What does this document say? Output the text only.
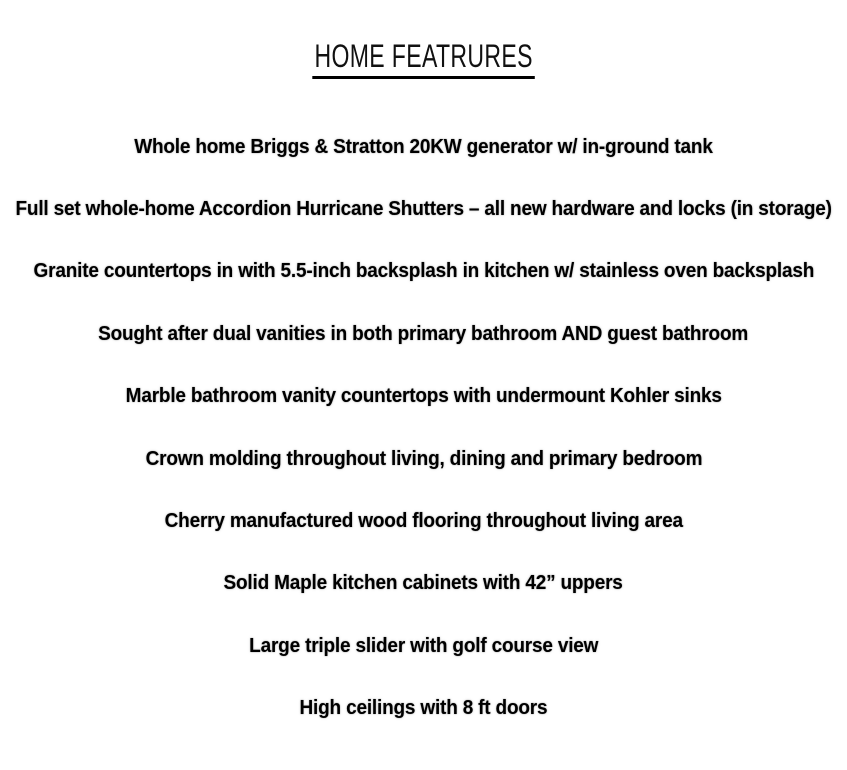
HOME FEATRURES
Whole home Briggs & Stratton 20KW generator w/ in-ground tank
Full set whole-home Accordion Hurricane Shutters – all new hardware and locks (in storage)
Granite countertops in with 5.5-inch backsplash in kitchen w/ stainless oven backsplash
Sought after dual vanities in both primary bathroom AND guest bathroom
Marble bathroom vanity countertops with undermount Kohler sinks
Crown molding throughout living, dining and primary bedroom
Cherry manufactured wood flooring throughout living area
Solid Maple kitchen cabinets with 42” uppers
Large triple slider with golf course view
High ceilings with 8 ft doors
